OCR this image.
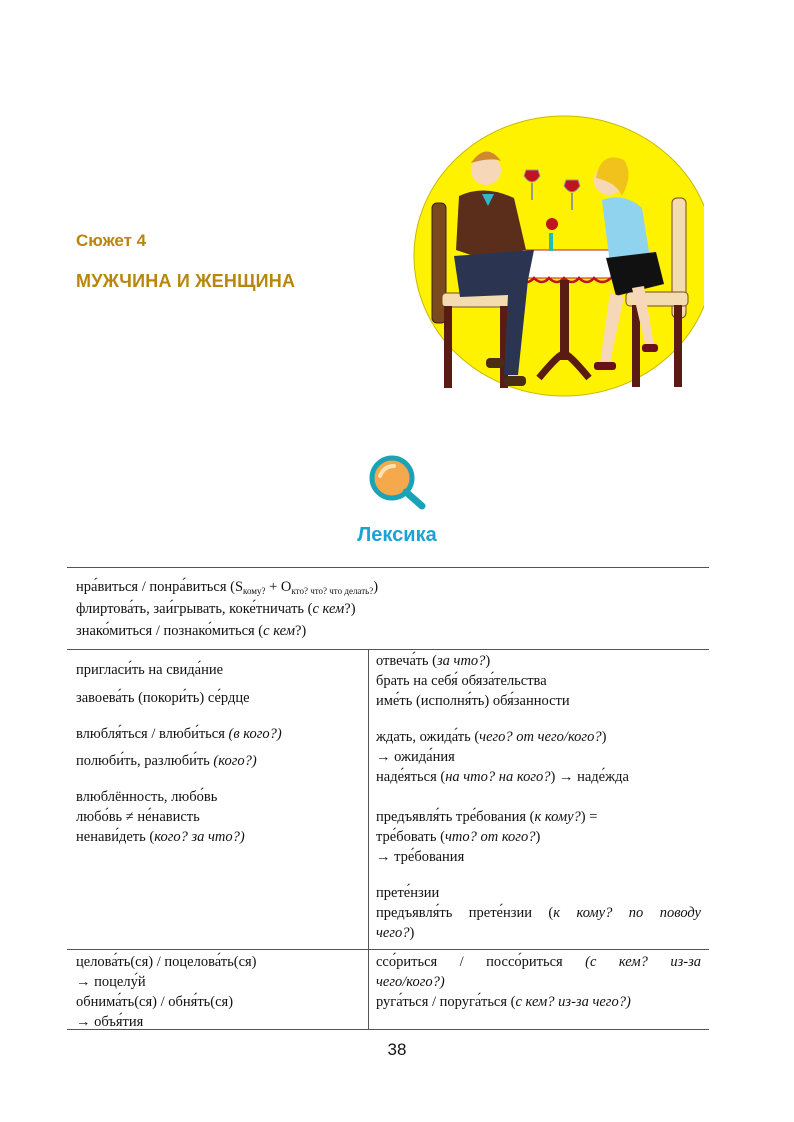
Сюжет 4
МУЖЧИНА И ЖЕНЩИНА
Лексика
нра́виться / понра́виться $(S_{кому?} + O_{кто? что? что делать?})$
флиртова́ть, заи́грывать, коке́тничать (с кем?)
знако́миться / познако́миться (с кем?)
пригласи́ть на свида́ние
завоева́ть (покори́ть) се́рдце
влюбля́ться / влюби́ться (в кого?)
полюби́ть, разлюби́ть (кого?)
влюблённость, любо́вь
любо́вь ≠ не́нависть
ненави́деть (кого? за что?)
отвеча́ть (за что?)
брать на себя́ обяза́тельства
име́ть (исполня́ть) обя́занности
ждать, ожида́ть (чего? от чего/кого?)
→ ожида́ния
наде́яться (на что? на кого?) → наде́жда
предъявля́ть тре́бования (к кому?) =
тре́бовать (что? от кого?)
→ тре́бования
прете́нзии
предъявля́ть прете́нзии (к кому? по поводу
чего?)
целова́ть(ся) / поцелова́ть(ся)
→ поцелу́й
обнима́ть(ся) / обня́ть(ся)
→ объя́тия
ссо́риться / поссо́риться (с кем? из-за
чего/кого?)
руга́ться / поруга́ться (с кем? из-за чего?)
38
